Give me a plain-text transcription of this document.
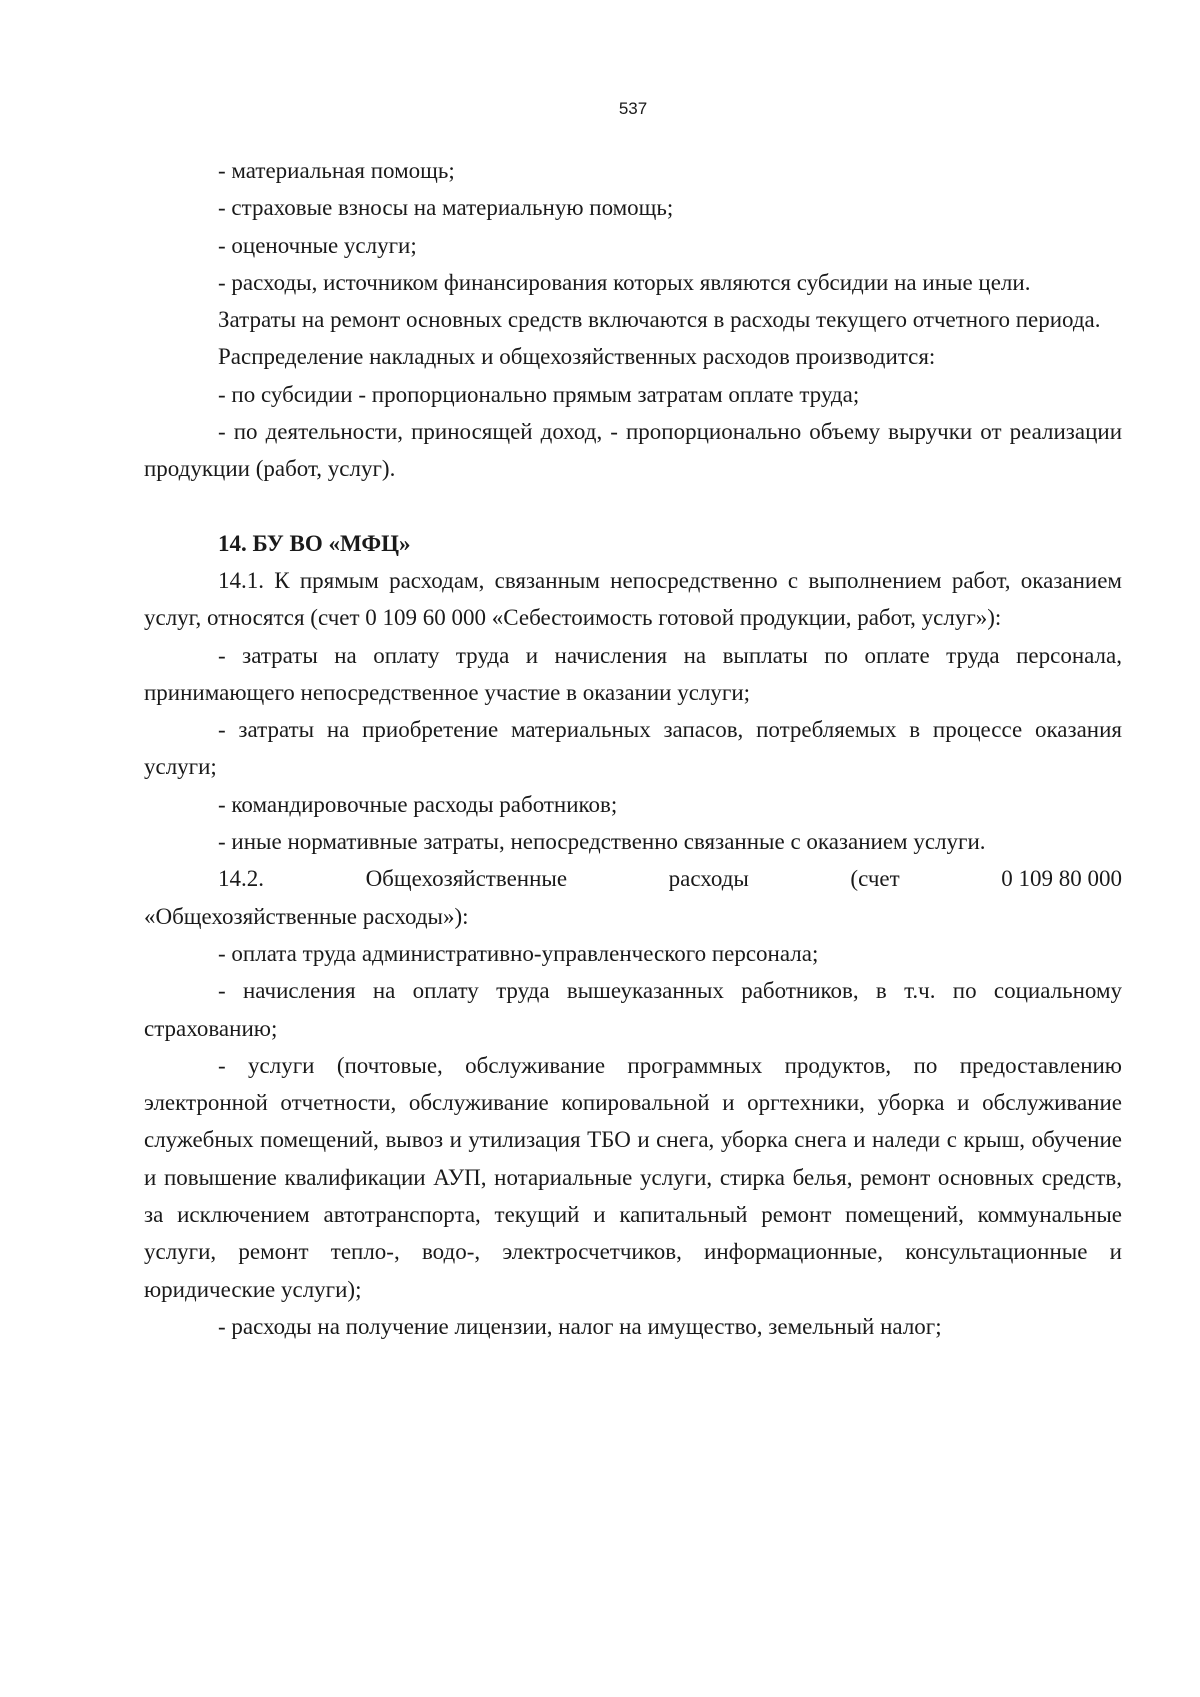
537

- материальная помощь;

- страховые взносы на материальную помощь;

- оценочные услуги;

- расходы, источником финансирования которых являются субсидии на иные цели.

Затраты на ремонт основных средств включаются в расходы текущего отчетного периода.

Распределение накладных и общехозяйственных расходов производится:

- по субсидии - пропорционально прямым затратам оплате труда;

- по деятельности, приносящей доход, - пропорционально объему выручки от реализации продукции (работ, услуг).

14. БУ ВО «МФЦ»

14.1. К прямым расходам, связанным непосредственно с выполнением работ, оказанием услуг, относятся (счет 0 109 60 000 «Себестоимость готовой продукции, работ, услуг»):

- затраты на оплату труда и начисления на выплаты по оплате труда персонала, принимающего непосредственное участие в оказании услуги;

- затраты на приобретение материальных запасов, потребляемых в процессе оказания услуги;

- командировочные расходы работников;

- иные нормативные затраты, непосредственно связанные с оказанием услуги.

14.2.	Общехозяйственные	расходы	(счет	0 109 80 000

«Общехозяйственные расходы»):

- оплата труда административно-управленческого персонала;

- начисления на оплату труда вышеуказанных работников, в т.ч. по социальному страхованию;

- услуги (почтовые, обслуживание программных продуктов, по предоставлению электронной отчетности, обслуживание копировальной и оргтехники, уборка и обслуживание служебных помещений, вывоз и утилизация ТБО и снега, уборка снега и наледи с крыш, обучение и повышение квалификации АУП, нотариальные услуги, стирка белья, ремонт основных средств, за исключением автотранспорта, текущий и капитальный ремонт помещений, коммунальные услуги, ремонт тепло-, водо-, электросчетчиков, информационные, консультационные и юридические услуги);

- расходы на получение лицензии, налог на имущество, земельный налог;
